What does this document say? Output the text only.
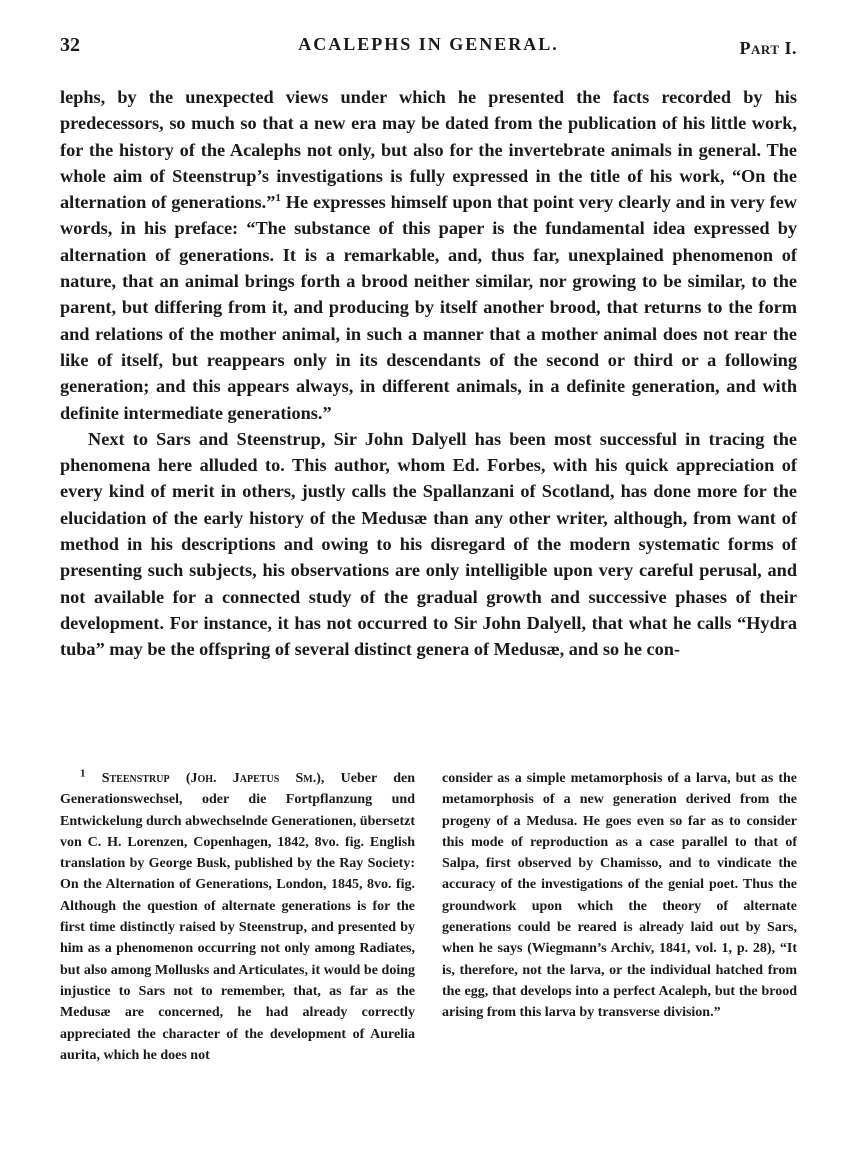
32	ACALEPHS IN GENERAL.	Part I.

lephs, by the unexpected views under which he presented the facts recorded by his predecessors, so much so that a new era may be dated from the publication of his little work, for the history of the Acalephs not only, but also for the invertebrate animals in general. The whole aim of Steenstrup’s investigations is fully expressed in the title of his work, “On the alternation of generations.”$^1$ He expresses himself upon that point very clearly and in very few words, in his preface: “The substance of this paper is the fundamental idea expressed by alternation of generations. It is a remarkable, and, thus far, unexplained phenomenon of nature, that an animal brings forth a brood neither similar, nor growing to be similar, to the parent, but differing from it, and producing by itself another brood, that returns to the form and relations of the mother animal, in such a manner that a mother animal does not rear the like of itself, but reappears only in its descendants of the second or third or a following generation; and this appears always, in different animals, in a definite generation, and with definite intermediate generations.”

Next to Sars and Steenstrup, Sir John Dalyell has been most successful in tracing the phenomena here alluded to. This author, whom Ed. Forbes, with his quick appreciation of every kind of merit in others, justly calls the Spallanzani of Scotland, has done more for the elucidation of the early history of the Medusæ than any other writer, although, from want of method in his descriptions and owing to his disregard of the modern systematic forms of presenting such subjects, his observations are only intelligible upon very careful perusal, and not available for a connected study of the gradual growth and successive phases of their development. For instance, it has not occurred to Sir John Dalyell, that what he calls “Hydra tuba” may be the offspring of several distinct genera of Medusæ, and so he con-

$^1$ Steenstrup (Joh. Japetus Sm.), Ueber den Generationswechsel, oder die Fortpflanzung und Entwickelung durch abwechselnde Generationen, übersetzt von C. H. Lorenzen, Copenhagen, 1842, 8vo. fig. English translation by George Busk, published by the Ray Society: On the Alternation of Generations, London, 1845, 8vo. fig. Although the question of alternate generations is for the first time distinctly raised by Steenstrup, and presented by him as a phenomenon occurring not only among Radiates, but also among Mollusks and Articulates, it would be doing injustice to Sars not to remember, that, as far as the Medusæ are concerned, he had already correctly appreciated the character of the development of Aurelia aurita, which he does not

consider as a simple metamorphosis of a larva, but as the metamorphosis of a new generation derived from the progeny of a Medusa. He goes even so far as to consider this mode of reproduction as a case parallel to that of Salpa, first observed by Chamisso, and to vindicate the accuracy of the investigations of the genial poet. Thus the groundwork upon which the theory of alternate generations could be reared is already laid out by Sars, when he says (Wiegmann’s Archiv, 1841, vol. 1, p. 28), “It is, therefore, not the larva, or the individual hatched from the egg, that develops into a perfect Acaleph, but the brood arising from this larva by transverse division.”
